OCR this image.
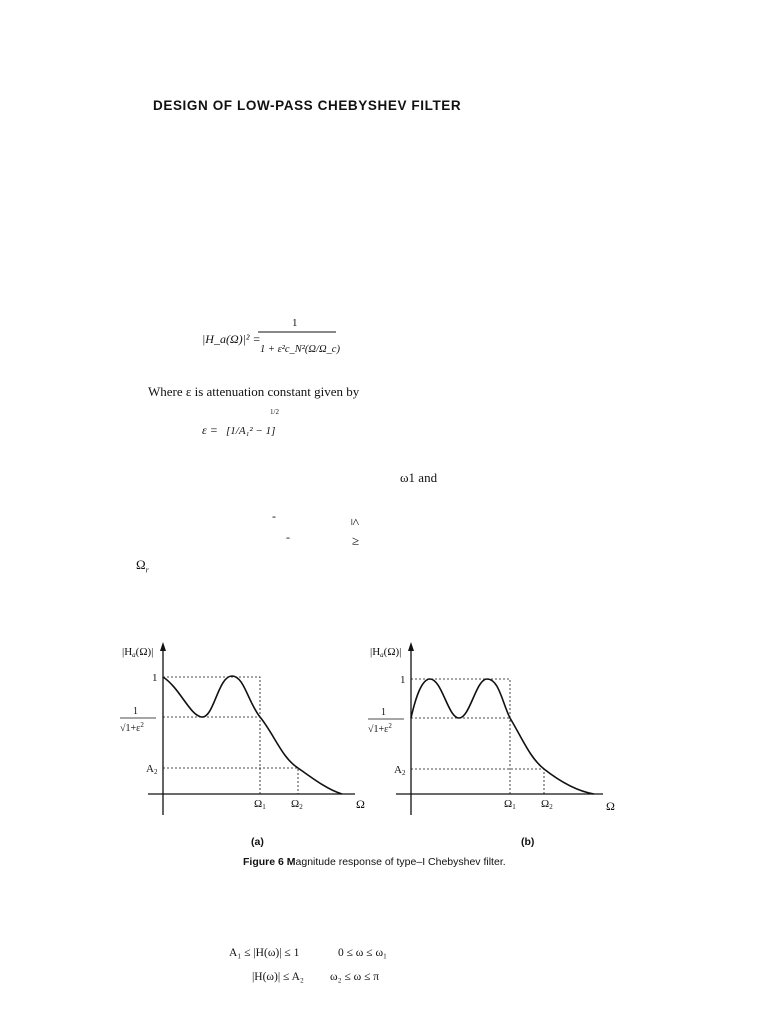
DESIGN OF LOW-PASS CHEBYSHEV FILTER
|H_a(Ω)|² =
1
1 + ε²c_N²(Ω/Ω_c)
Where ε is attenuation constant given by
ε = [1/A₁² − 1]
1/2
ω1 and
-
-
≤
≥
$\Omega_r$
|Ha(Ω)|
1
1
$√1+\varepsilon^2$
A2
Ω1 Ω2	Ω
|Ha(Ω)|
1
1
$√1+\varepsilon^2$
A2
Ω1 Ω2	Ω
(a)	(b)
Figure 6 Magnitude response of type–I Chebyshev filter.
A₁ ≤ |H(ω)| ≤ 1	0 ≤ ω ≤ ω₁
|H(ω)| ≤ A₂ ω₂ ≤ ω ≤ π
